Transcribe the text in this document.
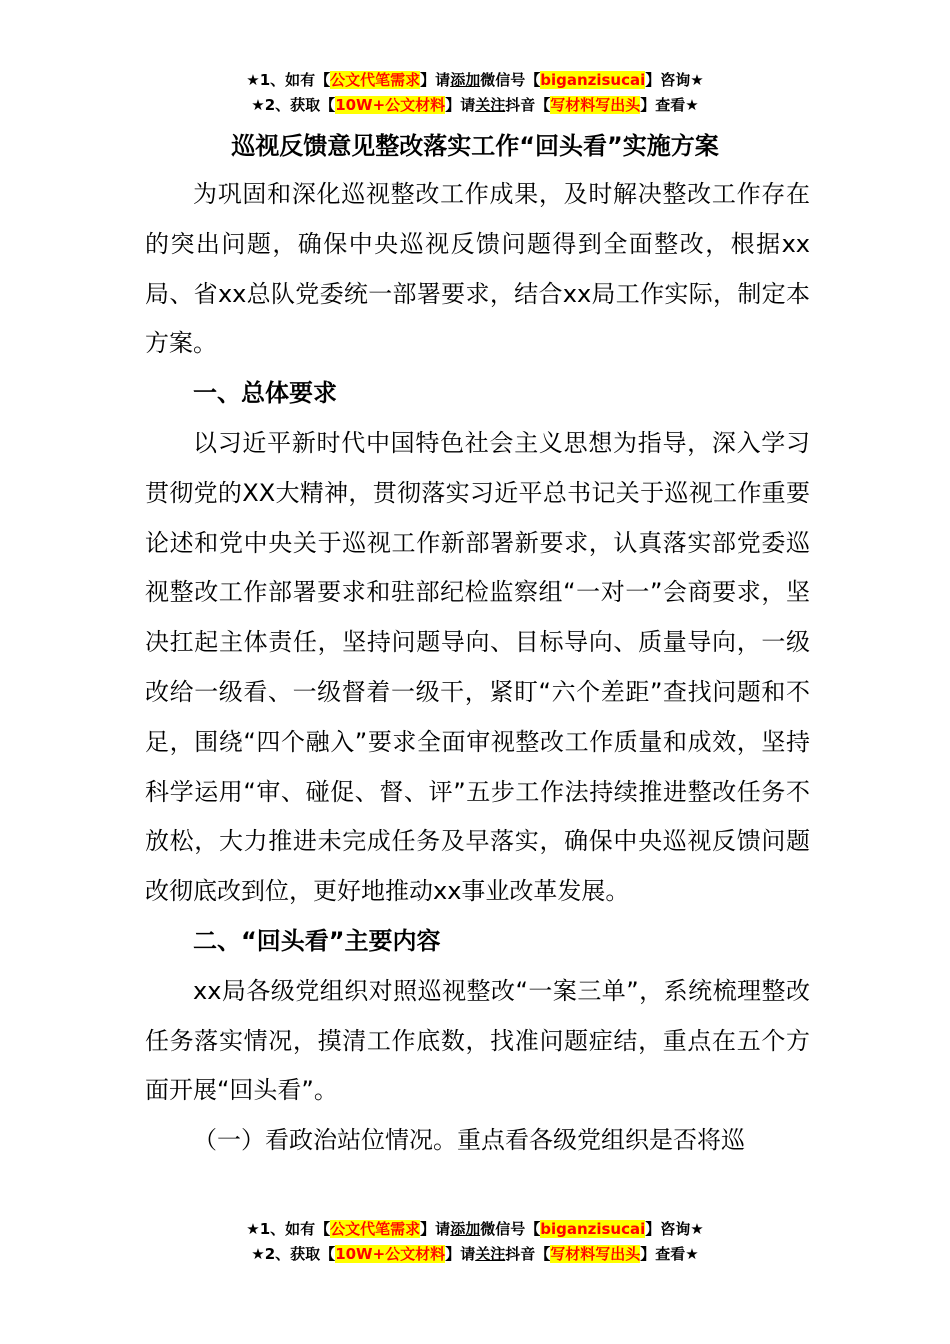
★1、如有【公文代笔需求】请添加微信号【biganzisucai】咨询★
★2、获取【10W+公文材料】请关注抖音【写材料写出头】查看★
巡视反馈意见整改落实工作“回头看”实施方案

为巩固和深化巡视整改工作成果，及时解决整改工作存在的突出问题，确保中央巡视反馈问题得到全面整改，根据xx局、省xx总队党委统一部署要求，结合xx局工作实际，制定本方案。

一、总体要求

以习近平新时代中国特色社会主义思想为指导，深入学习贯彻党的XX大精神，贯彻落实习近平总书记关于巡视工作重要论述和党中央关于巡视工作新部署新要求，认真落实部党委巡视整改工作部署要求和驻部纪检监察组“一对一”会商要求，坚决扛起主体责任，坚持问题导向、目标导向、质量导向，一级改给一级看、一级督着一级干，紧盯“六个差距”查找问题和不足，围绕“四个融入”要求全面审视整改工作质量和成效，坚持科学运用“审、碰促、督、评”五步工作法持续推进整改任务不放松，大力推进未完成任务及早落实，确保中央巡视反馈问题改彻底改到位，更好地推动xx事业改革发展。

二、“回头看”主要内容

xx局各级党组织对照巡视整改“一案三单”，系统梳理整改任务落实情况，摸清工作底数，找准问题症结，重点在五个方面开展“回头看”。

（一）看政治站位情况。重点看各级党组织是否将巡

★1、如有【公文代笔需求】请添加微信号【biganzisucai】咨询★
★2、获取【10W+公文材料】请关注抖音【写材料写出头】查看★
